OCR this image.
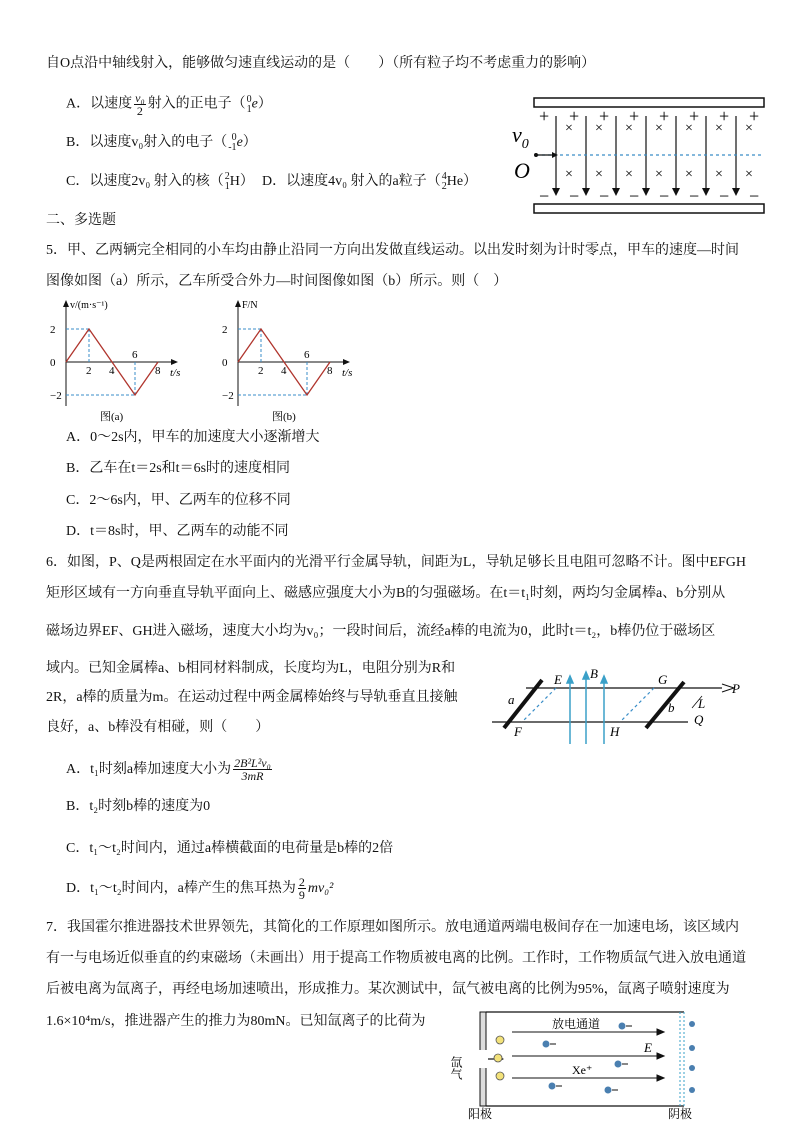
自O点沿中轴线射入，能够做匀速直线运动的是（　　）（所有粒子均不考虑重力的影响）
A．以速度 $\frac{\text{v₀}}{2}$ 射入的正电子（ 0
1 e）
B．以速度v₀射入的电子（ 0
-1 e）
C．以速度2v₀ 射入的核（ 2
1 H） D．以速度4v₀ 射入的a粒子（ 4
2 He）
+ + + + + + + +
− − − − − − − −
×
×
×
×
×
×
×
×
×
×
×
×
×
×
$v_0$
O
二、多选题
5．甲、乙两辆完全相同的小车均由静止沿同一方向出发做直线运动。以出发时刻为计时零点，甲车的速度—时间
图像如图（a）所示，乙车所受合外力—时间图像如图（b）所示。则（　）
2
0
−2
2 4
6
8
v/(m·s⁻¹)
t/s
图(a)
2
0
−2
2 4
6
8
F/N
t/s
图(b)
A．0～2s内，甲车的加速度大小逐渐增大
B．乙车在t＝2s和t＝6s时的速度相同
C．2～6s内，甲、乙两车的位移不同
D．t＝8s时，甲、乙两车的动能不同
6．如图，P、Q是两根固定在水平面内的光滑平行金属导轨，间距为L，导轨足够长且电阻可忽略不计。图中EFGH
矩形区域有一方向垂直导轨平面向上、磁感应强度大小为B的匀强磁场。在t＝t₁时刻，两均匀金属棒a、b分别从
磁场边界EF、GH进入磁场，速度大小均为v₀；一段时间后，流经a棒的电流为0，此时t＝t₂，b棒仍位于磁场区
域内。已知金属棒a、b相同材料制成，长度均为L，电阻分别为R和
2R，a棒的质量为m。在运动过程中两金属棒始终与导轨垂直且接触
良好，a、b棒没有相碰，则（　　）
E B	G
P
a	L
b
Q
F	H
A．t₁时刻a棒加速度大小为 $\frac{\text{2B²L²v₀}}{3mR}$
B．t₂时刻b棒的速度为0
C．t₁～t₂时间内，通过a棒横截面的电荷量是b棒的2倍
D．t₁～t₂时间内，a棒产生的焦耳热为 $\frac{2}{9} mv_0^2$
7．我国霍尔推进器技术世界领先，其简化的工作原理如图所示。放电通道两端电极间存在一加速电场，该区域内
有一与电场近似垂直的约束磁场（未画出）用于提高工作物质被电离的比例。工作时，工作物质氙气进入放电通道
后被电离为氙离子，再经电场加速喷出，形成推力。某次测试中，氙气被电离的比例为95%，氙离子喷射速度为
1.6×10⁴m/s，推进器产生的推力为80mN。已知氙离子的比荷为	放电通道
E
Xe⁺
氙气
阳极	阴极
